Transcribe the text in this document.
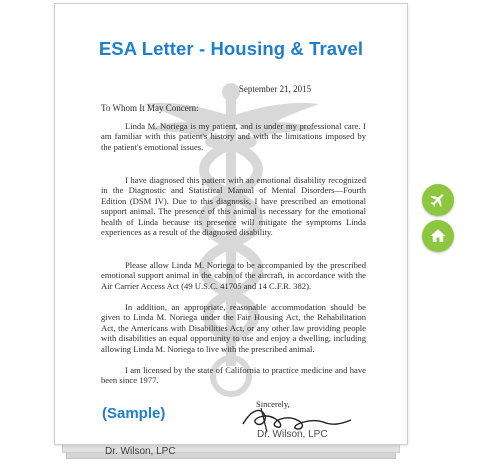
ESA Letter - Housing & Travel
September 21, 2015
To Whom It May Concern:

Linda M. Noriega is my patient, and is under my professional care. I am familiar with this patient's history and with the limitations imposed by the patient's emotional issues.

I have diagnosed this patient with an emotional disability recognized in the Diagnostic and Statistical Manual of Mental Disorders—Fourth Edition (DSM IV). Due to this diagnosis, I have prescribed an emotional support animal. The presence of this animal is necessary for the emotional health of Linda because its presence will mitigate the symptoms Linda experiences as a result of the diagnosed disability.

Please allow Linda M. Noriega to be accompanied by the prescribed emotional support animal in the cabin of the aircraft, in accordance with the Air Carrier Access Act (49 U.S.C. 41705 and 14 C.F.R. 382).

In addition, an appropriate, reasonable accommodation should be given to Linda M. Noriega under the Fair Housing Act, the Rehabilitation Act, the Americans with Disabilities Act, or any other law providing people with disabilities an equal opportunity to use and enjoy a dwelling, including allowing Linda M. Noriega to live with the prescribed animal.

I am licensed by the state of California to practice medicine and have been since 1977.

Sincerely,
(Sample)
Dr. Wilson, LPC
Dr. Wilson, LPC
